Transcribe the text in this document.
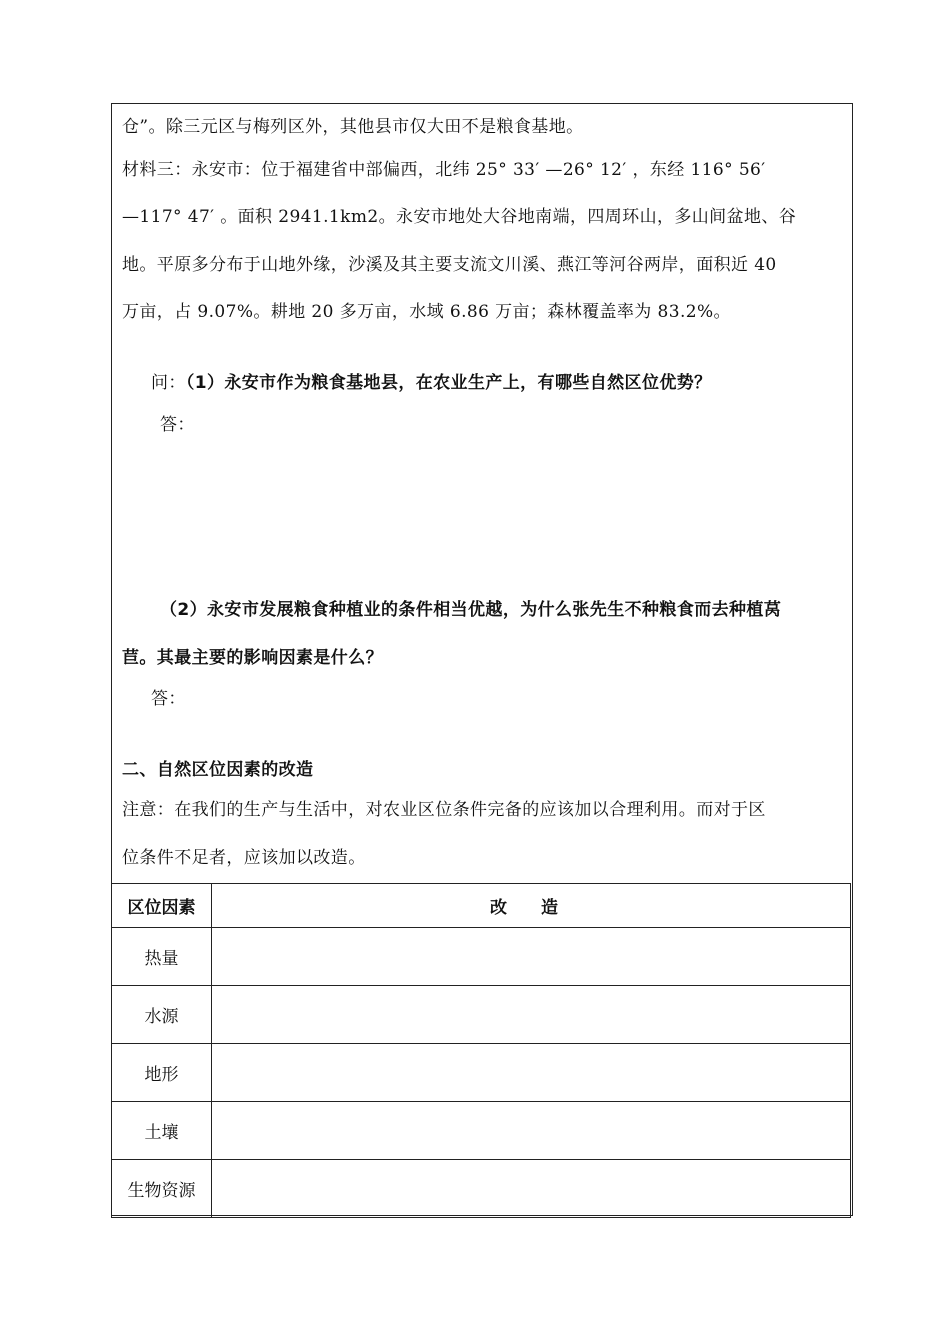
仓”。除三元区与梅列区外，其他县市仅大田不是粮食基地。
材料三：永安市：位于福建省中部偏西，北纬 25° 33′ —26° 12′ ，东经 116° 56′
—117° 47′ 。面积 2941.1km2。永安市地处大谷地南端，四周环山，多山间盆地、谷
地。平原多分布于山地外缘，沙溪及其主要支流文川溪、燕江等河谷两岸，面积近 40
万亩，占 9.07%。耕地 20 多万亩，水域 6.86 万亩；森林覆盖率为 83.2%。
问：（1）永安市作为粮食基地县，在农业生产上，有哪些自然区位优势？
答：
（2）永安市发展粮食种植业的条件相当优越，为什么张先生不种粮食而去种植莴
苣。其最主要的影响因素是什么？
答：
二、自然区位因素的改造
注意：在我们的生产与生活中，对农业区位条件完备的应该加以合理利用。而对于区
位条件不足者，应该加以改造。
区位因素	改 造
热量	
水源	
地形	
土壤	
生物资源	
